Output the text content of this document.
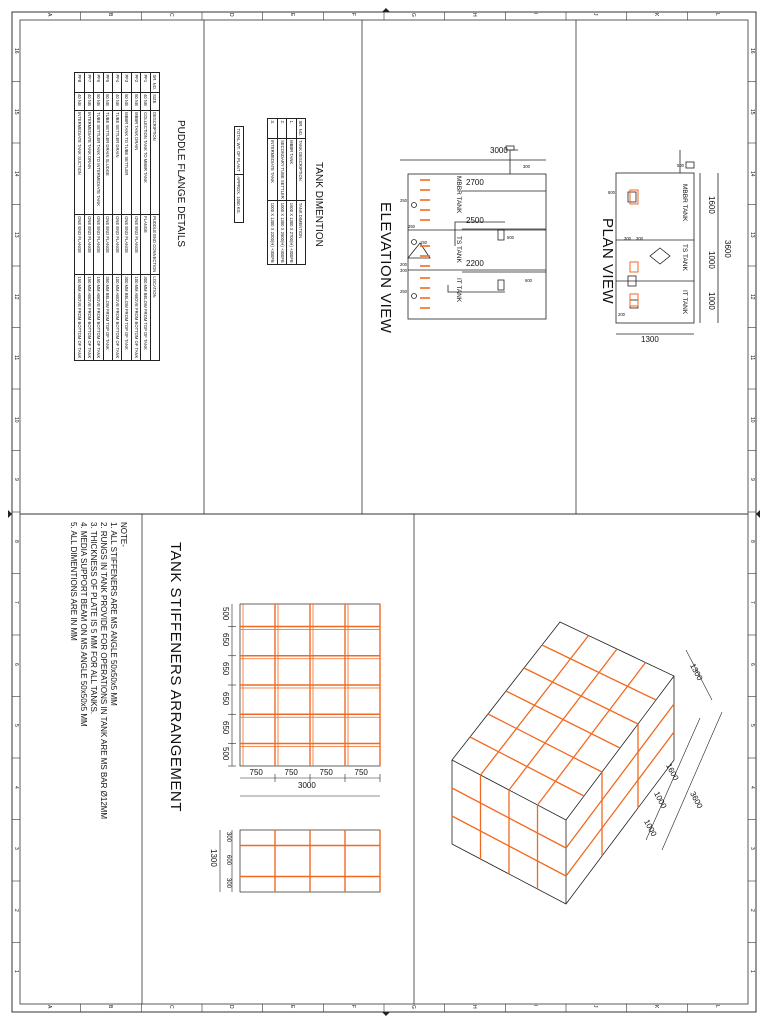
PUDDLE FLANGE DETAILS
SR. NO.	SIZE	DESCRIPTION	PUDDLE END CONNECTION	LOCATION
PF1	40 NB	COLLECTION TANK TO MBBR TANK	FLANGE	300 MM BELOW FROM TOP OF TANK
PF2	50 NB	MBBR TANK DRAIN	ONE END FLANGE	100 MM ABOVE FROM BOTTOM OF TANK
PF3	50 NB	MBBR TANK TO TUBE SETTLER	ONE END FLANGE	300 MM BELOW FROM TOP OF TANK
PF4	40 NB	TUBE SETTLER DRAIN	ONE END FLANGE	100 MM ABOVE FROM BOTTOM OF TANK
PF5	50 NB	TUBE SETTLER DRAIN SLUDGE	ONE END FLANGE	350 MM BELOW FROM TOP OF TANK
PF6	50 NB	TUBE SETTLER TANK TO INTERMEDIATE TANK	ONE END FLANGE	150 MM ABOVE FROM BOTTOM OF TANK
PF7	40 NB	INTERMEDIATE TANK DRAIN	ONE END FLANGE	150 MM ABOVE FROM BOTTOM OF TANK
PF8	40 NB	INTERMEDIATE TANK SUCTION	ONE END FLANGE	150 MM ABOVE FROM BOTTOM OF TANK
TANK DIMENTION
SR. NO.	TANK DESCRIPTION	TANK DIMENTION
1.	MBBR TANK	1600 X 1300 X 2700(H) +300FB
2.	SECONDARY TUBE SETTLER	1000 X 1300 X 2500(H) +300FB
3.	INTERMEDIATE TANK	1000 X 1300 X 2200(H) +300FB
TOTAL WT. OF PLANT	APPROX. 1050 KG.
ELEVATION VIEW
3000
2700
2500
2200
MBBR TANK
TS TANK
IT TANK
300
250
500
600
200
300
250
150
250	PLAN VIEW	3600
1600
1000
1000
1300
MBBR TANK
TS TANK
IT TANK
500
800
300 300
200
TANK STIFFENERS ARRANGEMENT	500
650
650
650
650
500
750	750	750	750
3000
300
600
300
1300
1300
3600
1600
1000
1000
NOTE-
1. ALL STIFFENERS ARE MS ANGLE 50x50x5 MM
2. RUNGS IN TANK PROVIDE FOR OPERATIONS IN TANK ARE MS BAR Ø12MM
3. THICKNESS OF PLATE IS 5 MM FOR ALL TANKS.
4. MEDIA SUPPORT BEAM ON MS ANGLE 50x50x5 MM
5. ALL DIMENTIONS ARE IN MM
A
A
B
B
C
C
D
D
E
E
F
F
G
G
H
H
I
I
J
J
K
K
L
L
16	16
15	15
14	14
13	13
12	12
11	11
10	10
9	9
8	8
7	7
6	6
5	5
4	4
3	3
2	2
1	1
